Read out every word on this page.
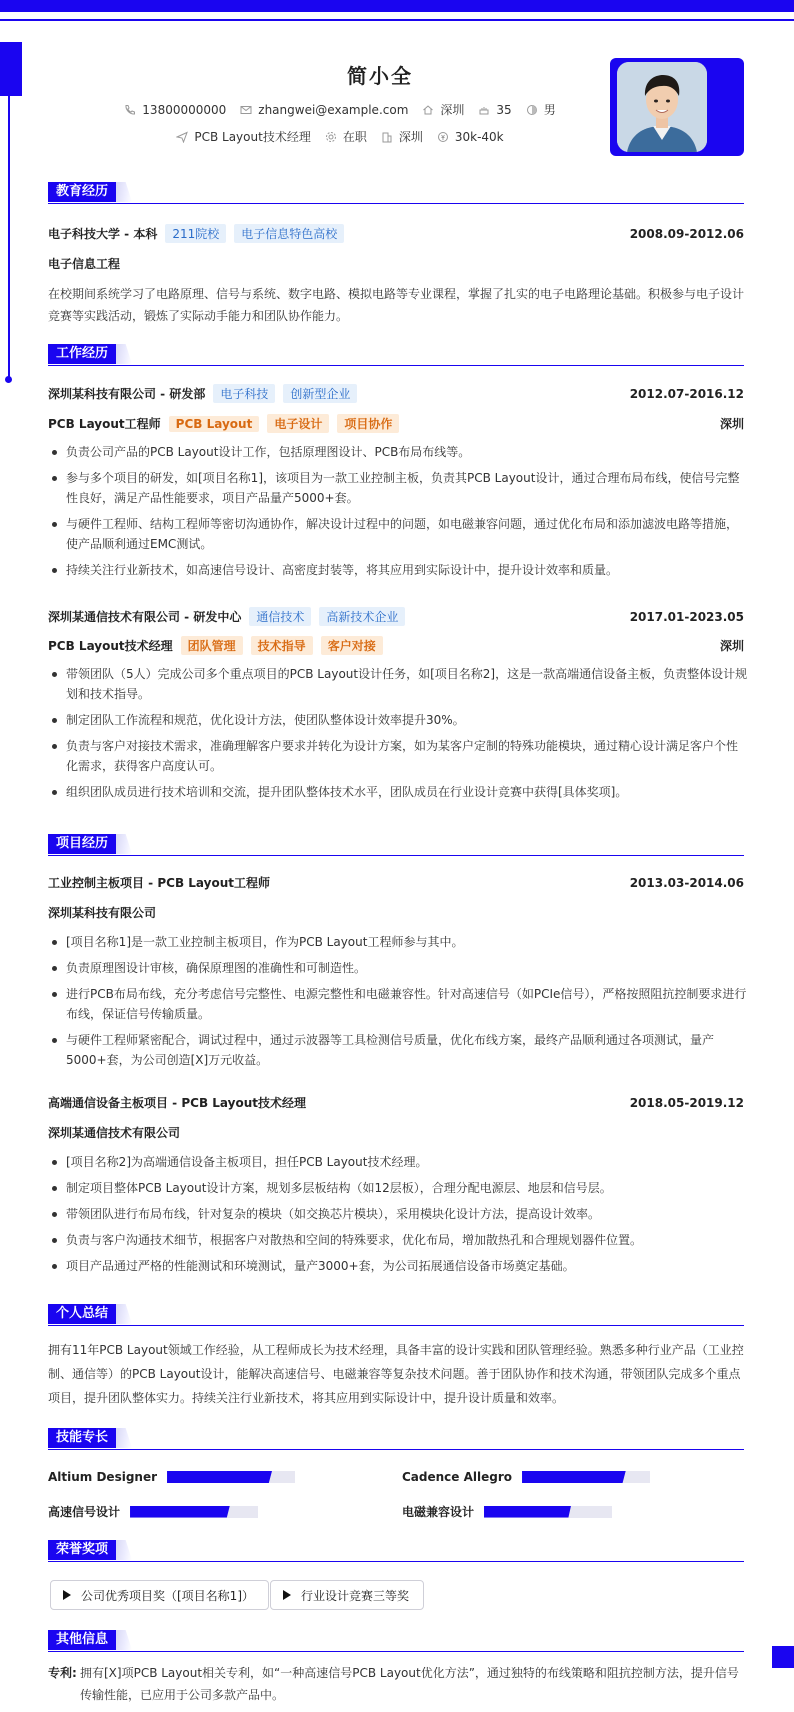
简小全
13800000000	zhangwei@example.com	深圳	35	男
PCB Layout技术经理	在职	深圳	30k-40k
教育经历
电子科技大学 - 本科	211院校	电子信息特色高校	2008.09-2012.06
电子信息工程
在校期间系统学习了电路原理、信号与系统、数字电路、模拟电路等专业课程，掌握了扎实的电子电路理论基础。积极参与电子设计竞赛等实践活动，锻炼了实际动手能力和团队协作能力。
工作经历
深圳某科技有限公司 - 研发部	电子科技	创新型企业	2012.07-2016.12
PCB Layout工程师	PCB Layout	电子设计	项目协作	深圳
负责公司产品的PCB Layout设计工作，包括原理图设计、PCB布局布线等。
参与多个项目的研发，如[项目名称1]，该项目为一款工业控制主板，负责其PCB Layout设计，通过合理布局布线，使信号完整性良好，满足产品性能要求，项目产品量产5000+套。
与硬件工程师、结构工程师等密切沟通协作，解决设计过程中的问题，如电磁兼容问题，通过优化布局和添加滤波电路等措施，使产品顺利通过EMC测试。
持续关注行业新技术，如高速信号设计、高密度封装等，将其应用到实际设计中，提升设计效率和质量。
深圳某通信技术有限公司 - 研发中心	通信技术	高新技术企业	2017.01-2023.05
PCB Layout技术经理	团队管理	技术指导	客户对接	深圳
带领团队（5人）完成公司多个重点项目的PCB Layout设计任务，如[项目名称2]，这是一款高端通信设备主板，负责整体设计规划和技术指导。
制定团队工作流程和规范，优化设计方法，使团队整体设计效率提升30%。
负责与客户对接技术需求，准确理解客户要求并转化为设计方案，如为某客户定制的特殊功能模块，通过精心设计满足客户个性化需求，获得客户高度认可。
组织团队成员进行技术培训和交流，提升团队整体技术水平，团队成员在行业设计竞赛中获得[具体奖项]。
项目经历
工业控制主板项目 - PCB Layout工程师	2013.03-2014.06
深圳某科技有限公司
[项目名称1]是一款工业控制主板项目，作为PCB Layout工程师参与其中。
负责原理图设计审核，确保原理图的准确性和可制造性。
进行PCB布局布线，充分考虑信号完整性、电源完整性和电磁兼容性。针对高速信号（如PCIe信号），严格按照阻抗控制要求进行布线，保证信号传输质量。
与硬件工程师紧密配合，调试过程中，通过示波器等工具检测信号质量，优化布线方案，最终产品顺利通过各项测试，量产5000+套，为公司创造[X]万元收益。
高端通信设备主板项目 - PCB Layout技术经理	2018.05-2019.12
深圳某通信技术有限公司
[项目名称2]为高端通信设备主板项目，担任PCB Layout技术经理。
制定项目整体PCB Layout设计方案，规划多层板结构（如12层板），合理分配电源层、地层和信号层。
带领团队进行布局布线，针对复杂的模块（如交换芯片模块），采用模块化设计方法，提高设计效率。
负责与客户沟通技术细节，根据客户对散热和空间的特殊要求，优化布局，增加散热孔和合理规划器件位置。
项目产品通过严格的性能测试和环境测试，量产3000+套，为公司拓展通信设备市场奠定基础。
个人总结
拥有11年PCB Layout领域工作经验，从工程师成长为技术经理，具备丰富的设计实践和团队管理经验。熟悉多种行业产品（工业控制、通信等）的PCB Layout设计，能解决高速信号、电磁兼容等复杂技术问题。善于团队协作和技术沟通，带领团队完成多个重点项目，提升团队整体实力。持续关注行业新技术，将其应用到实际设计中，提升设计质量和效率。
技能专长
Altium Designer	Cadence Allegro
高速信号设计	电磁兼容设计
荣誉奖项
公司优秀项目奖（[项目名称1]）	行业设计竞赛三等奖
其他信息
专利: 拥有[X]项PCB Layout相关专利，如“一种高速信号PCB Layout优化方法”，通过独特的布线策略和阻抗控制方法，提升信号传输性能，已应用于公司多款产品中。
